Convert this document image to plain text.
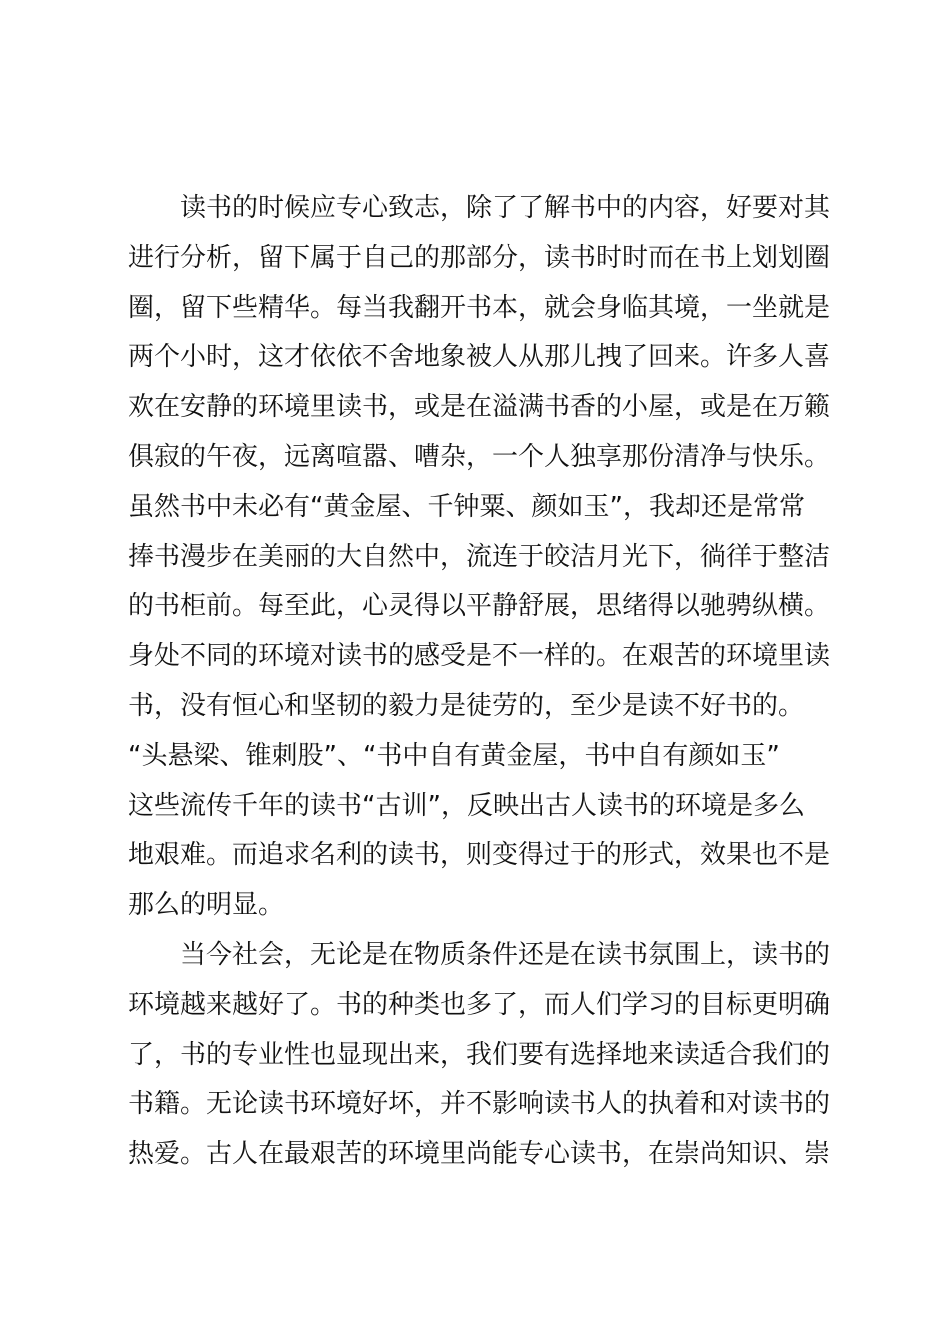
读书的时候应专心致志，除了了解书中的内容，好要对其
进行分析，留下属于自己的那部分，读书时时而在书上划划圈
圈，留下些精华。每当我翻开书本，就会身临其境，一坐就是
两个小时，这才依依不舍地象被人从那儿拽了回来。许多人喜
欢在安静的环境里读书，或是在溢满书香的小屋，或是在万籁
俱寂的午夜，远离喧嚣、嘈杂，一个人独享那份清净与快乐。
虽然书中未必有“黄金屋、千钟粟、颜如玉”，我却还是常常
捧书漫步在美丽的大自然中，流连于皎洁月光下，徜徉于整洁
的书柜前。每至此，心灵得以平静舒展，思绪得以驰骋纵横。
身处不同的环境对读书的感受是不一样的。在艰苦的环境里读
书，没有恒心和坚韧的毅力是徒劳的，至少是读不好书的。
“头悬梁、锥刺股”、“书中自有黄金屋，书中自有颜如玉”
这些流传千年的读书“古训”，反映出古人读书的环境是多么
地艰难。而追求名利的读书，则变得过于的形式，效果也不是
那么的明显。
当今社会，无论是在物质条件还是在读书氛围上，读书的
环境越来越好了。书的种类也多了，而人们学习的目标更明确
了，书的专业性也显现出来，我们要有选择地来读适合我们的
书籍。无论读书环境好坏，并不影响读书人的执着和对读书的
热爱。古人在最艰苦的环境里尚能专心读书，在崇尚知识、崇
